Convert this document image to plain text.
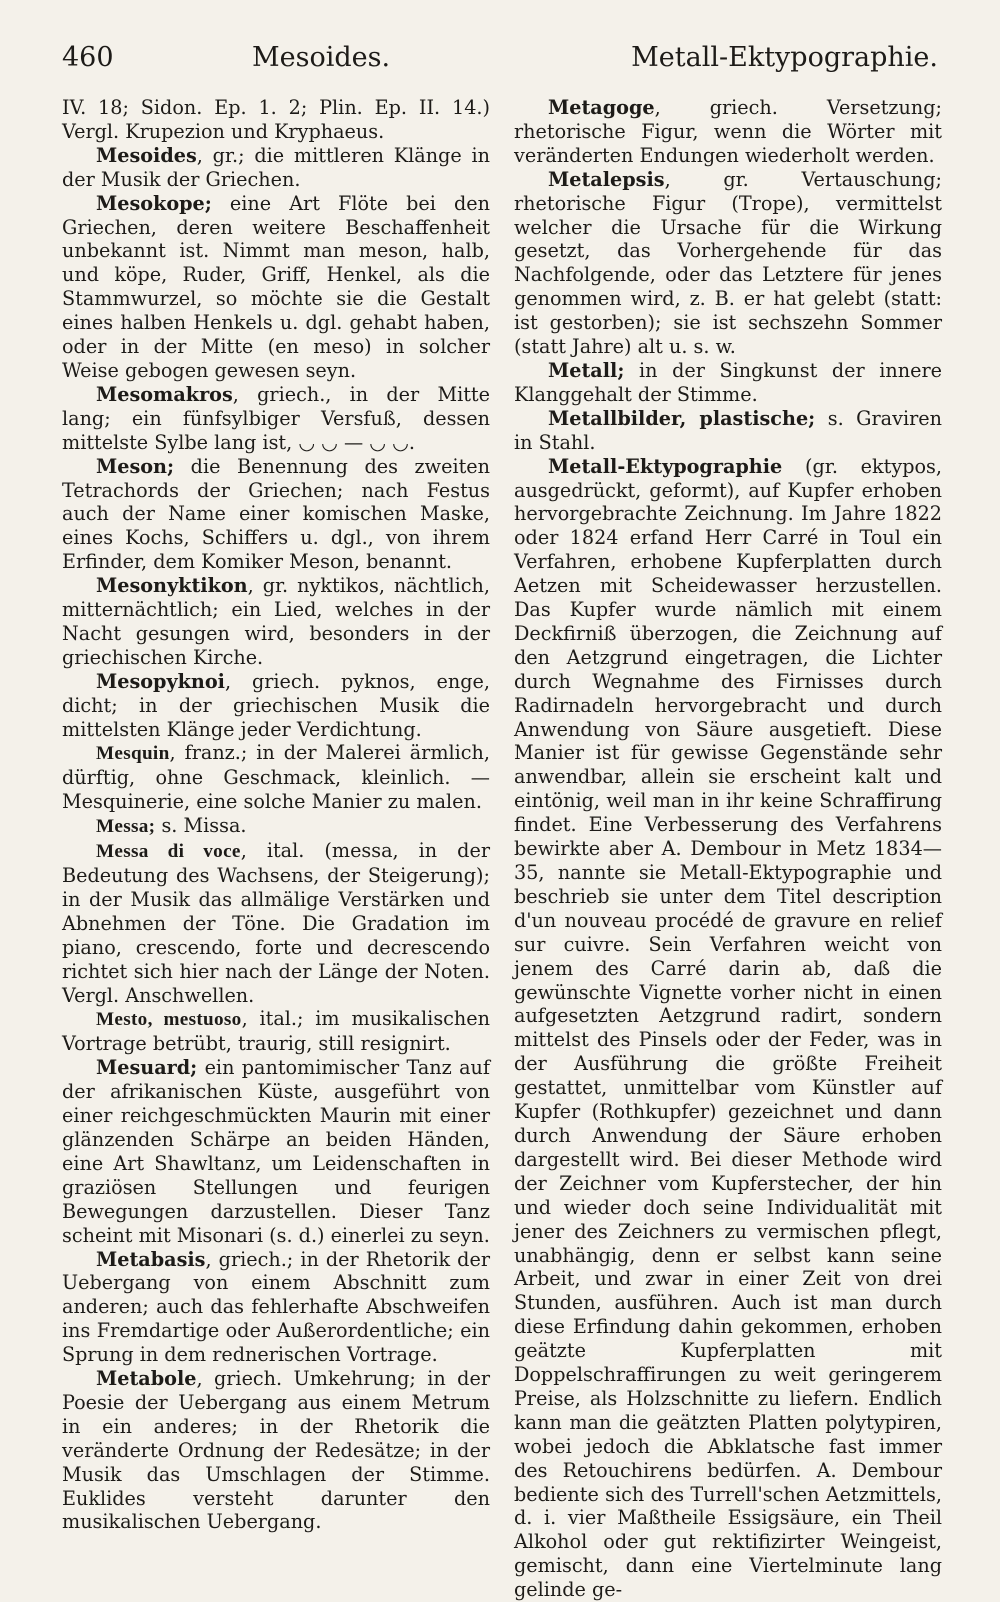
460	Mesoides.	Metall-Ektypographie.

IV. 18; Sidon. Ep. 1. 2; Plin. Ep. II. 14.) Vergl. Krupezion und Kryphaeus.

Mesoides, gr.; die mittleren Klänge in der Musik der Griechen.

Mesokope; eine Art Flöte bei den Griechen, deren weitere Beschaffenheit unbekannt ist. Nimmt man meson, halb, und köpe, Ruder, Griff, Henkel, als die Stammwurzel, so möchte sie die Gestalt eines halben Henkels u. dgl. gehabt haben, oder in der Mitte (en meso) in solcher Weise gebogen gewesen seyn.

Mesomakros, griech., in der Mitte lang; ein fünfsylbiger Versfuß, dessen mittelste Sylbe lang ist, ◡ ◡ — ◡ ◡.

Meson; die Benennung des zweiten Tetrachords der Griechen; nach Festus auch der Name einer komischen Maske, eines Kochs, Schiffers u. dgl., von ihrem Erfinder, dem Komiker Meson, benannt.

Mesonyktikon, gr. nyktikos, nächtlich, mitternächtlich; ein Lied, welches in der Nacht gesungen wird, besonders in der griechischen Kirche.

Mesopyknoi, griech. pyknos, enge, dicht; in der griechischen Musik die mittelsten Klänge jeder Verdichtung.

Mesquin, franz.; in der Malerei ärmlich, dürftig, ohne Geschmack, kleinlich. — Mesquinerie, eine solche Manier zu malen.

Messa; s. Missa.

Messa di voce, ital. (messa, in der Bedeutung des Wachsens, der Steigerung); in der Musik das allmälige Verstärken und Abnehmen der Töne. Die Gradation im piano, crescendo, forte und decrescendo richtet sich hier nach der Länge der Noten. Vergl. Anschwellen.

Mesto, mestuoso, ital.; im musikalischen Vortrage betrübt, traurig, still resignirt.

Mesuard; ein pantomimischer Tanz auf der afrikanischen Küste, ausgeführt von einer reichgeschmückten Maurin mit einer glänzenden Schärpe an beiden Händen, eine Art Shawltanz, um Leidenschaften in graziösen Stellungen und feurigen Bewegungen darzustellen. Dieser Tanz scheint mit Misonari (s. d.) einerlei zu seyn.

Metabasis, griech.; in der Rhetorik der Uebergang von einem Abschnitt zum anderen; auch das fehlerhafte Abschweifen ins Fremdartige oder Außerordentliche; ein Sprung in dem rednerischen Vortrage.

Metabole, griech. Umkehrung; in der Poesie der Uebergang aus einem Metrum in ein anderes; in der Rhetorik die veränderte Ordnung der Redesätze; in der Musik das Umschlagen der Stimme. Euklides versteht darunter den musikalischen Uebergang.

Metagoge, griech. Versetzung; rhetorische Figur, wenn die Wörter mit veränderten Endungen wiederholt werden.

Metalepsis, gr. Vertauschung; rhetorische Figur (Trope), vermittelst welcher die Ursache für die Wirkung gesetzt, das Vorhergehende für das Nachfolgende, oder das Letztere für jenes genommen wird, z. B. er hat gelebt (statt: ist gestorben); sie ist sechszehn Sommer (statt Jahre) alt u. s. w.

Metall; in der Singkunst der innere Klanggehalt der Stimme.

Metallbilder, plastische; s. Graviren in Stahl.

Metall-Ektypographie (gr. ektypos, ausgedrückt, geformt), auf Kupfer erhoben hervorgebrachte Zeichnung. Im Jahre 1822 oder 1824 erfand Herr Carré in Toul ein Verfahren, erhobene Kupferplatten durch Aetzen mit Scheidewasser herzustellen. Das Kupfer wurde nämlich mit einem Deckfirniß überzogen, die Zeichnung auf den Aetzgrund eingetragen, die Lichter durch Wegnahme des Firnisses durch Radirnadeln hervorgebracht und durch Anwendung von Säure ausgetieft. Diese Manier ist für gewisse Gegenstände sehr anwendbar, allein sie erscheint kalt und eintönig, weil man in ihr keine Schraffirung findet. Eine Verbesserung des Verfahrens bewirkte aber A. Dembour in Metz 1834—35, nannte sie Metall-Ektypographie und beschrieb sie unter dem Titel description d'un nouveau procédé de gravure en relief sur cuivre. Sein Verfahren weicht von jenem des Carré darin ab, daß die gewünschte Vignette vorher nicht in einen aufgesetzten Aetzgrund radirt, sondern mittelst des Pinsels oder der Feder, was in der Ausführung die größte Freiheit gestattet, unmittelbar vom Künstler auf Kupfer (Rothkupfer) gezeichnet und dann durch Anwendung der Säure erhoben dargestellt wird. Bei dieser Methode wird der Zeichner vom Kupferstecher, der hin und wieder doch seine Individualität mit jener des Zeichners zu vermischen pflegt, unabhängig, denn er selbst kann seine Arbeit, und zwar in einer Zeit von drei Stunden, ausführen. Auch ist man durch diese Erfindung dahin gekommen, erhoben geätzte Kupferplatten mit Doppelschraffirungen zu weit geringerem Preise, als Holzschnitte zu liefern. Endlich kann man die geätzten Platten polytypiren, wobei jedoch die Abklatsche fast immer des Retouchirens bedürfen. A. Dembour bediente sich des Turrell'schen Aetzmittels, d. i. vier Maßtheile Essigsäure, ein Theil Alkohol oder gut rektifizirter Weingeist, gemischt, dann eine Viertelminute lang gelinde ge-
